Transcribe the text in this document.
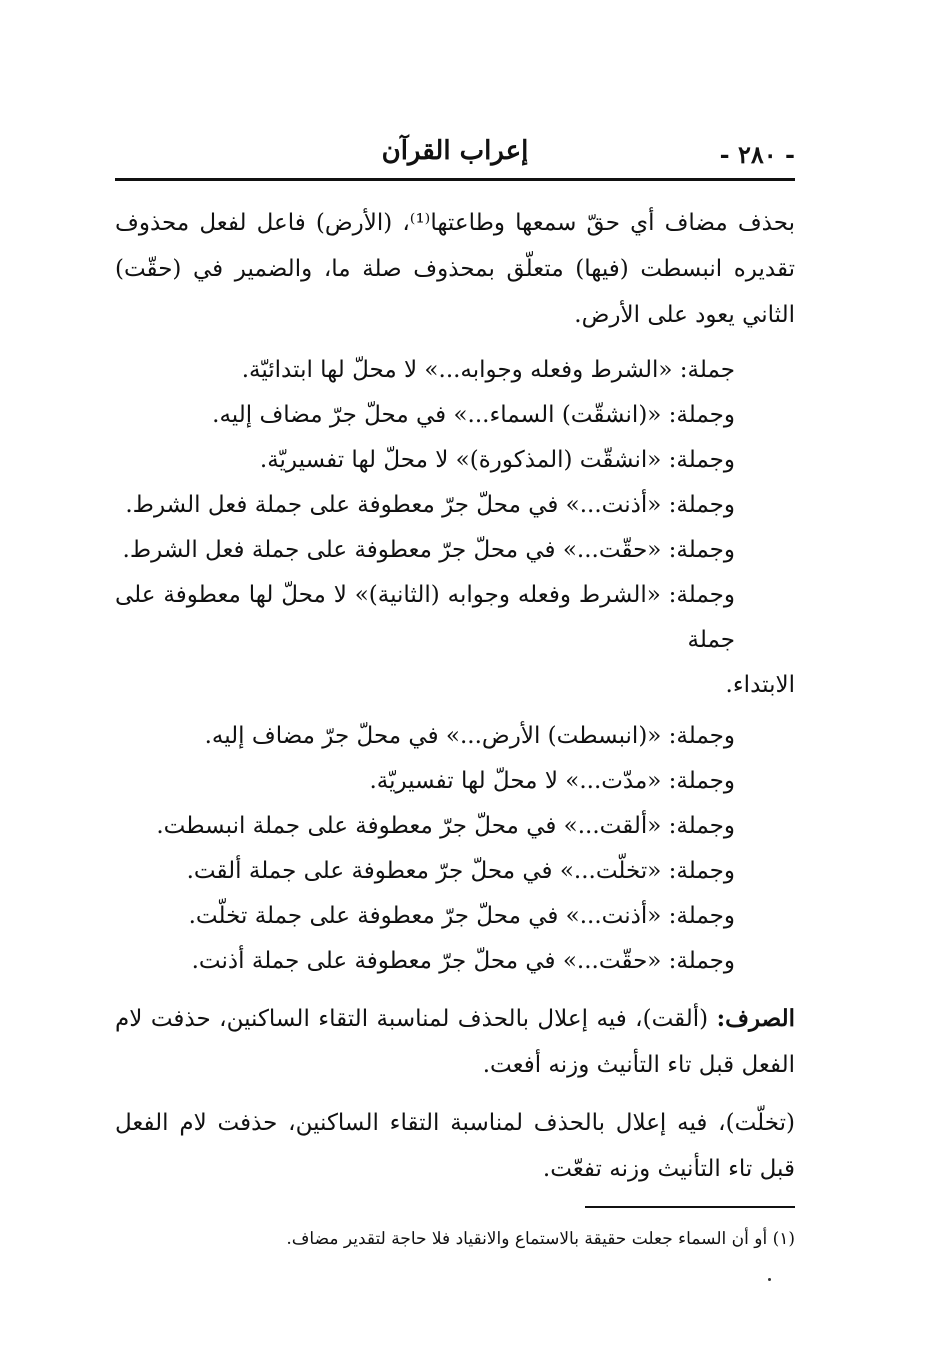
- ٢٨٠ -
إعراب القرآن

بحذف مضاف أي حقّ سمعها وطاعتها⁽¹⁾، (الأرض) فاعل لفعل محذوف تقديره انبسطت (فيها) متعلّق بمحذوف صلة ما، والضمير في (حقّت) الثاني يعود على الأرض.

جملة: «الشرط وفعله وجوابه...» لا محلّ لها ابتدائيّة.
وجملة: «(انشقّت) السماء...» في محلّ جرّ مضاف إليه.
وجملة: «انشقّت (المذكورة)» لا محلّ لها تفسيريّة.
وجملة: «أذنت...» في محلّ جرّ معطوفة على جملة فعل الشرط.
وجملة: «حقّت...» في محلّ جرّ معطوفة على جملة فعل الشرط.
وجملة: «الشرط وفعله وجوابه (الثانية)» لا محلّ لها معطوفة على جملة
الابتداء.
وجملة: «(انبسطت) الأرض...» في محلّ جرّ مضاف إليه.
وجملة: «مدّت...» لا محلّ لها تفسيريّة.
وجملة: «ألقت...» في محلّ جرّ معطوفة على جملة انبسطت.
وجملة: «تخلّت...» في محلّ جرّ معطوفة على جملة ألقت.
وجملة: «أذنت...» في محلّ جرّ معطوفة على جملة تخلّت.
وجملة: «حقّت...» في محلّ جرّ معطوفة على جملة أذنت.

الصرف: (ألقت)، فيه إعلال بالحذف لمناسبة التقاء الساكنين، حذفت لام الفعل قبل تاء التأنيث وزنه أفعت.

(تخلّت)، فيه إعلال بالحذف لمناسبة التقاء الساكنين، حذفت لام الفعل قبل تاء التأنيث وزنه تفعّت.

(١) أو أن السماء جعلت حقيقة بالاستماع والانقياد فلا حاجة لتقدير مضاف.
